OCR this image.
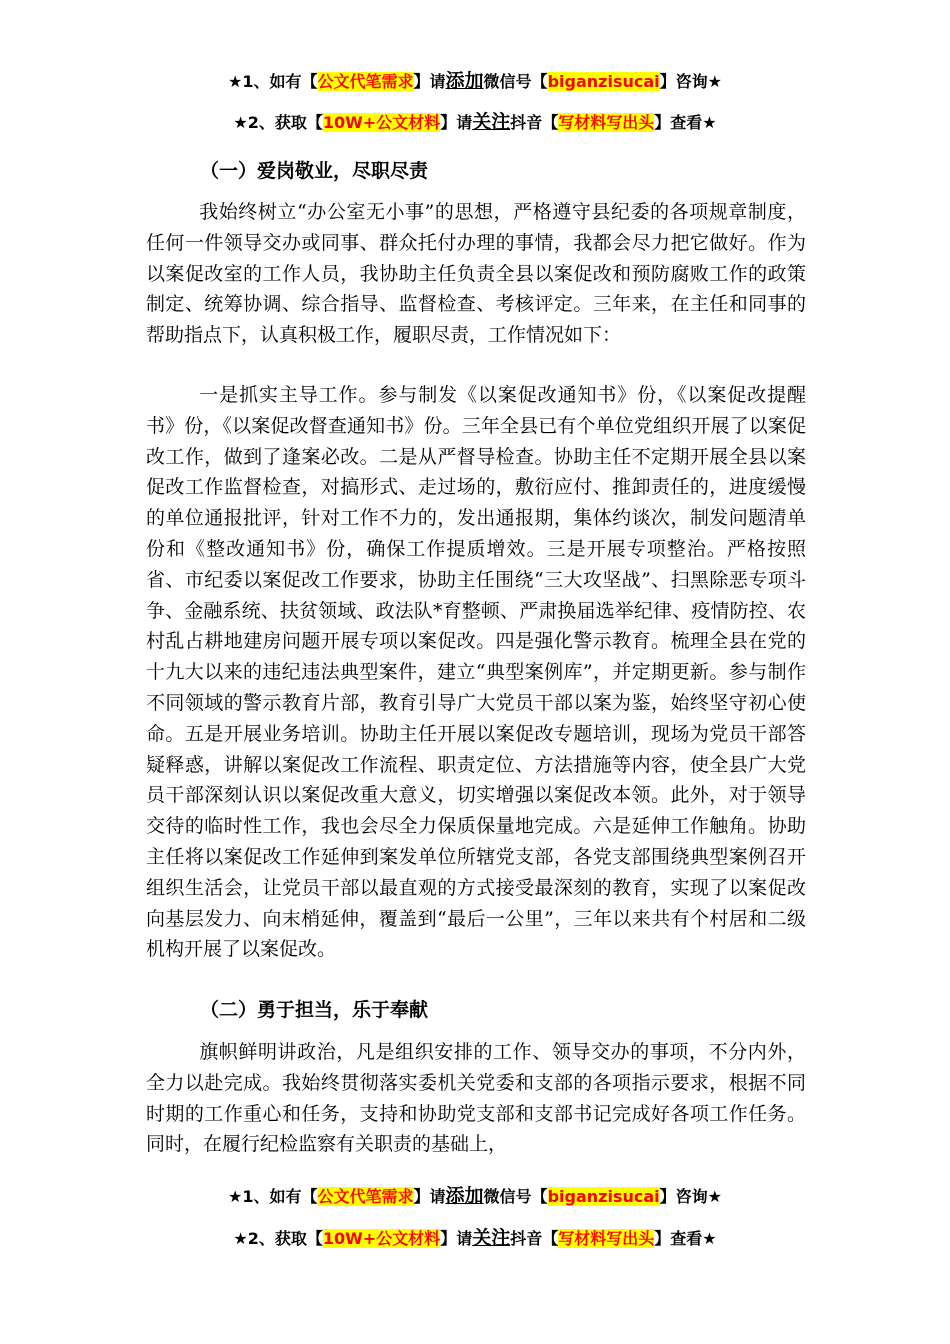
★1、如有【公文代笔需求】请添加微信号【biganzisucai】咨询★
★2、获取【10W+公文材料】请关注抖音【写材料写出头】查看★
（一）爱岗敬业，尽职尽责
我始终树立“办公室无小事”的思想，严格遵守县纪委的各项规章制度，任何一件领导交办或同事、群众托付办理的事情，我都会尽力把它做好。作为以案促改室的工作人员，我协助主任负责全县以案促改和预防腐败工作的政策制定、统筹协调、综合指导、监督检查、考核评定。三年来，在主任和同事的帮助指点下，认真积极工作，履职尽责，工作情况如下：
一是抓实主导工作。参与制发《以案促改通知书》份，《以案促改提醒书》份，《以案促改督查通知书》份。三年全县已有个单位党组织开展了以案促改工作，做到了逢案必改。二是从严督导检查。协助主任不定期开展全县以案促改工作监督检查，对搞形式、走过场的，敷衍应付、推卸责任的，进度缓慢的单位通报批评，针对工作不力的，发出通报期，集体约谈次，制发问题清单份和《整改通知书》份，确保工作提质增效。三是开展专项整治。严格按照省、市纪委以案促改工作要求，协助主任围绕“三大攻坚战”、扫黑除恶专项斗争、金融系统、扶贫领域、政法队*育整顿、严肃换届选举纪律、疫情防控、农村乱占耕地建房问题开展专项以案促改。四是强化警示教育。梳理全县在党的十九大以来的违纪违法典型案件，建立“典型案例库”，并定期更新。参与制作不同领域的警示教育片部，教育引导广大党员干部以案为鉴，始终坚守初心使命。五是开展业务培训。协助主任开展以案促改专题培训，现场为党员干部答疑释惑，讲解以案促改工作流程、职责定位、方法措施等内容，使全县广大党员干部深刻认识以案促改重大意义，切实增强以案促改本领。此外，对于领导交待的临时性工作，我也会尽全力保质保量地完成。六是延伸工作触角。协助主任将以案促改工作延伸到案发单位所辖党支部，各党支部围绕典型案例召开组织生活会，让党员干部以最直观的方式接受最深刻的教育，实现了以案促改向基层发力、向末梢延伸，覆盖到“最后一公里”，三年以来共有个村居和二级机构开展了以案促改。
（二）勇于担当，乐于奉献
旗帜鲜明讲政治，凡是组织安排的工作、领导交办的事项，不分内外，全力以赴完成。我始终贯彻落实委机关党委和支部的各项指示要求，根据不同时期的工作重心和任务，支持和协助党支部和支部书记完成好各项工作任务。同时，在履行纪检监察有关职责的基础上，
★1、如有【公文代笔需求】请添加微信号【biganzisucai】咨询★
★2、获取【10W+公文材料】请关注抖音【写材料写出头】查看★
